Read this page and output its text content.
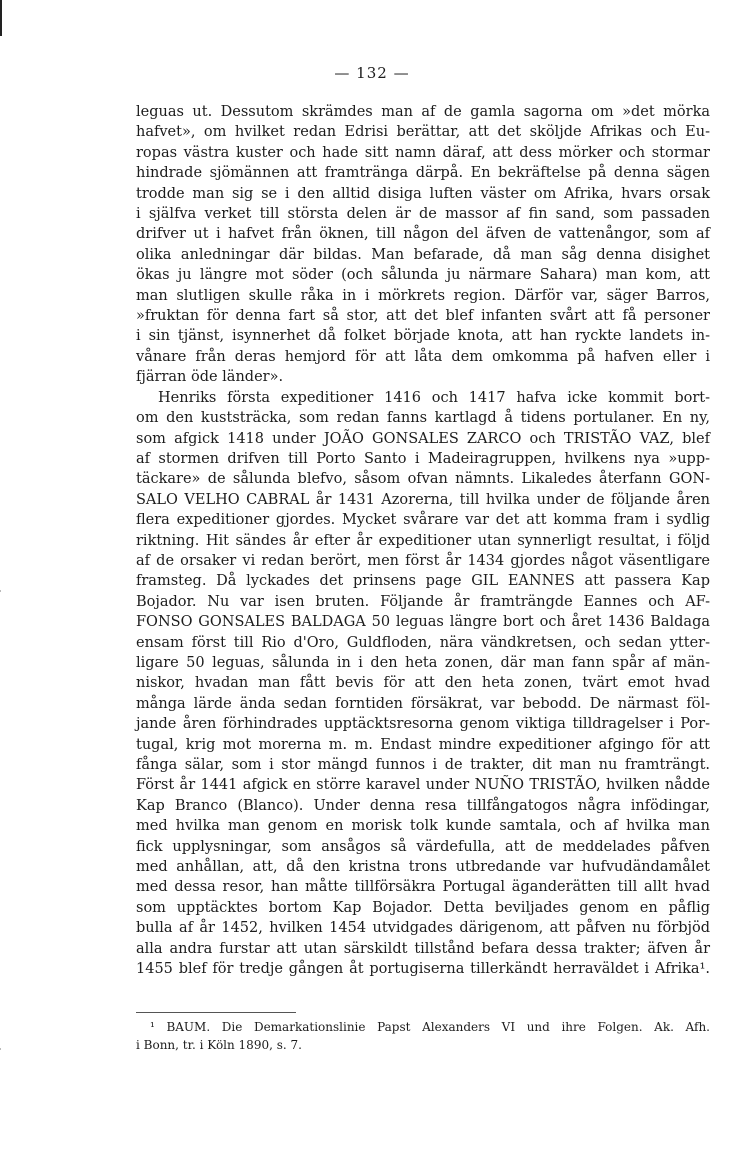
— 132 —
leguas ut. Dessutom skrämdes man af de gamla sagorna om »det mörka
hafvet», om hvilket redan Edrisi berättar, att det sköljde Afrikas och Eu-
ropas västra kuster och hade sitt namn däraf, att dess mörker och stormar
hindrade sjömännen att framtränga därpå. En bekräftelse på denna sägen
trodde man sig se i den alltid disiga luften väster om Afrika, hvars orsak
i själfva verket till största delen är de massor af fin sand, som passaden
drifver ut i hafvet från öknen, till någon del äfven de vattenångor, som af
olika anledningar där bildas. Man befarade, då man såg denna disighet
ökas ju längre mot söder (och sålunda ju närmare Sahara) man kom, att
man slutligen skulle råka in i mörkrets region. Därför var, säger Barros,
»fruktan för denna fart så stor, att det blef infanten svårt att få personer
i sin tjänst, isynnerhet då folket började knota, att han ryckte landets in-
vånare från deras hemjord för att låta dem omkomma på hafven eller i
fjärran öde länder».
Henriks första expeditioner 1416 och 1417 hafva icke kommit bort-
om den kuststräcka, som redan fanns kartlagd å tidens portulaner. En ny,
som afgick 1418 under JOÃO GONSALES ZARCO och TRISTÃO VAZ, blef
af stormen drifven till Porto Santo i Madeiragruppen, hvilkens nya »upp-
täckare» de sålunda blefvo, såsom ofvan nämnts. Likaledes återfann GON-
SALO VELHO CABRAL år 1431 Azorerna, till hvilka under de följande åren
flera expeditioner gjordes. Mycket svårare var det att komma fram i sydlig
riktning. Hit sändes år efter år expeditioner utan synnerligt resultat, i följd
af de orsaker vi redan berört, men först år 1434 gjordes något väsentligare
framsteg. Då lyckades det prinsens page GIL EANNES att passera Kap
Bojador. Nu var isen bruten. Följande år framträngde Eannes och AF-
FONSO GONSALES BALDAGA 50 leguas längre bort och året 1436 Baldaga
ensam först till Rio d'Oro, Guldfloden, nära vändkretsen, och sedan ytter-
ligare 50 leguas, sålunda in i den heta zonen, där man fann spår af män-
niskor, hvadan man fått bevis för att den heta zonen, tvärt emot hvad
många lärde ända sedan forntiden försäkrat, var bebodd. De närmast föl-
jande åren förhindrades upptäcktsresorna genom viktiga tilldragelser i Por-
tugal, krig mot morerna m. m. Endast mindre expeditioner afgingo för att
fånga sälar, som i stor mängd funnos i de trakter, dit man nu framträngt.
Först år 1441 afgick en större karavel under NUÑO TRISTÃO, hvilken nådde
Kap Branco (Blanco). Under denna resa tillfångatogos några infödingar,
med hvilka man genom en morisk tolk kunde samtala, och af hvilka man
fick upplysningar, som ansågos så värdefulla, att de meddelades påfven
med anhållan, att, då den kristna trons utbredande var hufvudändamålet
med dessa resor, han måtte tillförsäkra Portugal äganderätten till allt hvad
som upptäcktes bortom Kap Bojador. Detta beviljades genom en påflig
bulla af år 1452, hvilken 1454 utvidgades därigenom, att påfven nu förbjöd
alla andra furstar att utan särskildt tillstånd befara dessa trakter; äfven år
1455 blef för tredje gången åt portugiserna tillerkändt herraväldet i Afrika¹.
¹ BAUM. Die Demarkationslinie Papst Alexanders VI und ihre Folgen. Ak. Afh.
i Bonn, tr. i Köln 1890, s. 7.
